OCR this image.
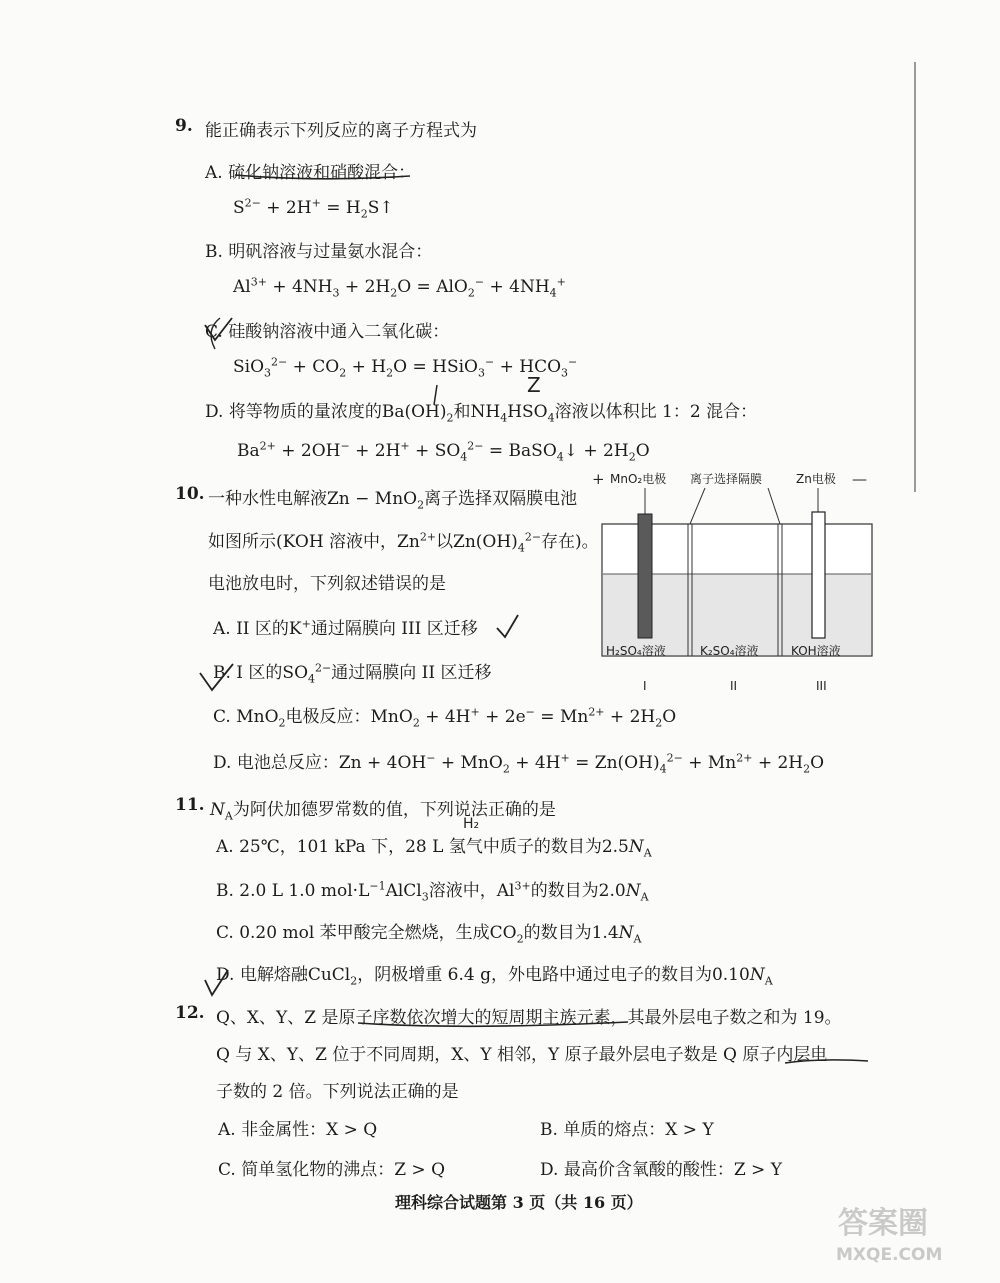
9. 能正确表示下列反应的离子方程式为
A. 硫化钠溶液和硝酸混合：
$S^{2-} + 2H^+$ = $H_2S↑$
B. 明矾溶液与过量氨水混合：
$Al^{3+} + 4NH_3 + 2H_2O = AlO_2^- + 4NH_4^+$
C. 硅酸钠溶液中通入二氧化碳：
$SiO_3^{2-} + CO_2 + H_2O$ = HSiO$_3$− + $HCO_3^-$
D. 将等物质的量浓度的$Ba(OH)_2$和$NH_4HSO_4$溶液以体积比 1：2 混合：
$Ba^{2+} + 2OH^- + 2H^+ + SO_4^{2-}$ = BaSO$_4$↓ + $2H_2O$
10. 一种水性电解液Zn − MnO$_2$离子选择双隔膜电池
如图所示(KOH 溶液中，$Zn^{2+}$以$Zn(OH)_4^{2-}$存在)。
电池放电时，下列叙述错误的是
A. II 区的K+通过隔膜向 III 区迁移
B. I 区的$SO_4^{2-}$通过隔膜向 II 区迁移
C. MnO$_2$电极反应：$MnO_2 + 4H^+ + 2e^- = Mn^{2+} + 2H_2O$
D. 电池总反应：$Zn + 4OH^- + MnO_2 + 4H^+ = Zn(OH)_4^{2-} + Mn^{2+} + 2H_2O$
+ MnO₂电极 离子选择隔膜	Zn电极 —
H₂SO₄溶液	K₂SO₄溶液	KOH溶液
I	II	III
11. $N_A$为阿伏加德罗常数的值，下列说法正确的是
A. 25℃，101 kPa 下，28 L 氢气中质子的数目为$2.5N_A$
B. 2.0 L 1.0 $mol\cdot L^{-1}AlCl_3$溶液中，$Al^{3+}$的数目为$2.0N_A$
C. 0.20 mol 苯甲酸完全燃烧，生成$CO_2$的数目为$1.4N_A$
D. 电解熔融CuCl$_2$，阴极增重 6.4 g，外电路中通过电子的数目为$0.10N_A$
12. Q、X、Y、Z 是原子序数依次增大的短周期主族元素，其最外层电子数之和为 19。
Q 与 X、Y、Z 位于不同周期，X、Y 相邻，Y 原子最外层电子数是 Q 原子内层电
子数的 2 倍。下列说法正确的是
A. 非金属性：X > Q	B. 单质的熔点：X > Y
C. 简单氢化物的沸点：Z > Q	D. 最高价含氧酸的酸性：Z > Y
理科综合试题第 3 页（共 16 页）
Z
H₂
答案圈
MXQE.COM
